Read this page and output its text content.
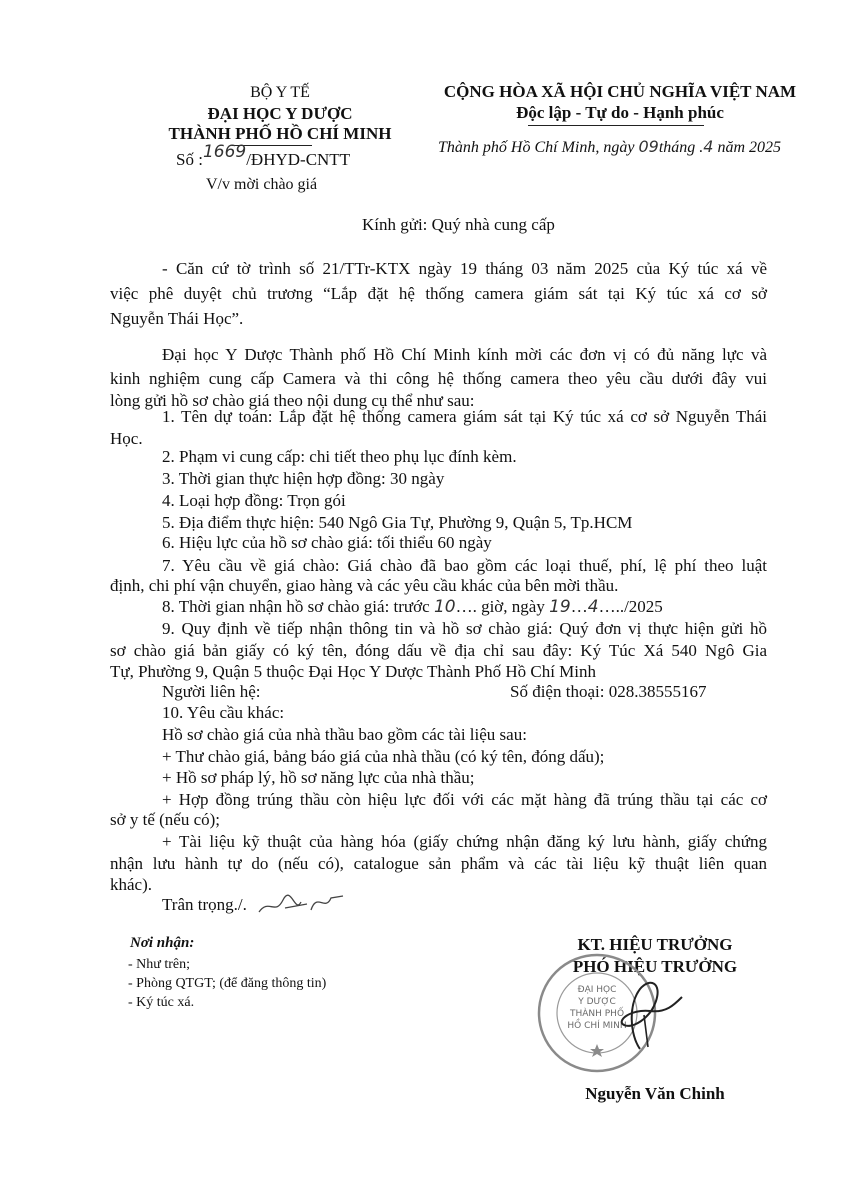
BỘ Y TẾ
ĐẠI HỌC Y DƯỢC
THÀNH PHỐ HỒ CHÍ MINH
Số :1669/ĐHYD-CNTT
V/v mời chào giá
CỘNG HÒA XÃ HỘI CHỦ NGHĨA VIỆT NAM
Độc lập - Tự do - Hạnh phúc
Thành phố Hồ Chí Minh, ngày 09tháng .4 năm 2025
Kính gửi: Quý nhà cung cấp
- Căn cứ tờ trình số 21/TTr-KTX ngày 19 tháng 03 năm 2025 của Ký túc xá về
việc phê duyệt chủ trương “Lắp đặt hệ thống camera giám sát tại Ký túc xá cơ sở
Nguyễn Thái Học”.
Đại học Y Dược Thành phố Hồ Chí Minh kính mời các đơn vị có đủ năng lực và
kinh nghiệm cung cấp Camera và thi công hệ thống camera theo yêu cầu dưới đây vui
lòng gửi hồ sơ chào giá theo nội dung cụ thể như sau:
1. Tên dự toán: Lắp đặt hệ thống camera giám sát tại Ký túc xá cơ sở Nguyễn Thái
Học.
2. Phạm vi cung cấp: chi tiết theo phụ lục đính kèm.
3. Thời gian thực hiện hợp đồng: 30 ngày
4. Loại hợp đồng: Trọn gói
5. Địa điểm thực hiện: 540 Ngô Gia Tự, Phường 9, Quận 5, Tp.HCM
6. Hiệu lực của hồ sơ chào giá: tối thiểu 60 ngày
7. Yêu cầu về giá chào: Giá chào đã bao gồm các loại thuế, phí, lệ phí theo luật
định, chi phí vận chuyển, giao hàng và các yêu cầu khác của bên mời thầu.
8. Thời gian nhận hồ sơ chào giá: trước 10…. giờ, ngày 19…4…../2025
9. Quy định về tiếp nhận thông tin và hồ sơ chào giá: Quý đơn vị thực hiện gửi hồ
sơ chào giá bản giấy có ký tên, đóng dấu về địa chỉ sau đây: Ký Túc Xá 540 Ngô Gia
Tự, Phường 9, Quận 5 thuộc Đại Học Y Dược Thành Phố Hồ Chí Minh
Người liên hệ:	Số điện thoại: 028.38555167
10. Yêu cầu khác:
Hồ sơ chào giá của nhà thầu bao gồm các tài liệu sau:
+ Thư chào giá, bảng báo giá của nhà thầu (có ký tên, đóng dấu);
+ Hồ sơ pháp lý, hồ sơ năng lực của nhà thầu;
+ Hợp đồng trúng thầu còn hiệu lực đối với các mặt hàng đã trúng thầu tại các cơ
sở y tế (nếu có);
+ Tài liệu kỹ thuật của hàng hóa (giấy chứng nhận đăng ký lưu hành, giấy chứng
nhận lưu hành tự do (nếu có), catalogue sản phẩm và các tài liệu kỹ thuật liên quan
khác).
Trân trọng./.
Nơi nhận:
- Như trên;
- Phòng QTGT; (để đăng thông tin)
- Ký túc xá.
KT. HIỆU TRƯỞNG
PHÓ HIỆU TRƯỞNG
ĐẠI HỌC
Y DƯỢC
THÀNH PHỐ
HỒ CHÍ MINH
Nguyễn Văn Chinh
